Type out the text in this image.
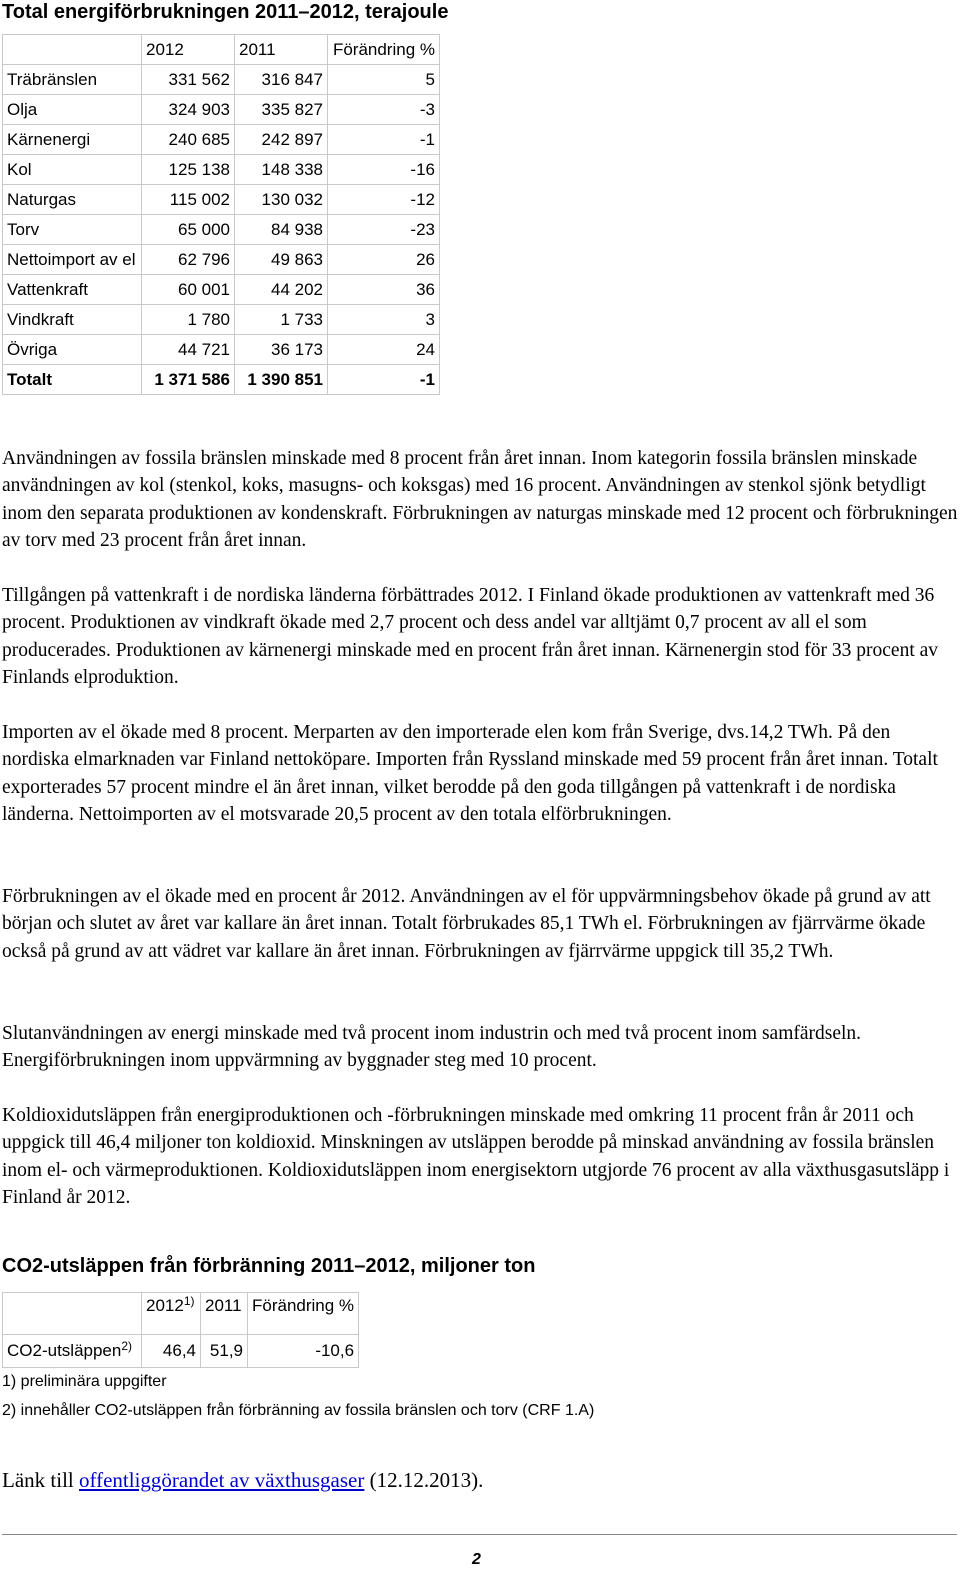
Total energiförbrukningen 2011–2012, terajoule
	2012	2011	Förändring %
Träbränslen	331 562	316 847	5
Olja	324 903	335 827	-3
Kärnenergi	240 685	242 897	-1
Kol	125 138	148 338	-16
Naturgas	115 002	130 032	-12
Torv	65 000	84 938	-23
Nettoimport av el	62 796	49 863	26
Vattenkraft	60 001	44 202	36
Vindkraft	1 780	1 733	3
Övriga	44 721	36 173	24
Totalt	1 371 586	1 390 851	-1

Användningen av fossila bränslen minskade med 8 procent från året innan. Inom kategorin fossila bränslen minskade användningen av kol (stenkol, koks, masugns- och koksgas) med 16 procent. Användningen av stenkol sjönk betydligt inom den separata produktionen av kondenskraft. Förbrukningen av naturgas minskade med 12 procent och förbrukningen av torv med 23 procent från året innan.

Tillgången på vattenkraft i de nordiska länderna förbättrades 2012. I Finland ökade produktionen av vattenkraft med 36 procent. Produktionen av vindkraft ökade med 2,7 procent och dess andel var alltjämt 0,7 procent av all el som producerades. Produktionen av kärnenergi minskade med en procent från året innan. Kärnenergin stod för 33 procent av Finlands elproduktion.

Importen av el ökade med 8 procent. Merparten av den importerade elen kom från Sverige, dvs.14,2 TWh. På den nordiska elmarknaden var Finland nettoköpare. Importen från Ryssland minskade med 59 procent från året innan. Totalt exporterades 57 procent mindre el än året innan, vilket berodde på den goda tillgången på vattenkraft i de nordiska länderna. Nettoimporten av el motsvarade 20,5 procent av den totala elförbrukningen.

Förbrukningen av el ökade med en procent år 2012. Användningen av el för uppvärmningsbehov ökade på grund av att början och slutet av året var kallare än året innan. Totalt förbrukades 85,1 TWh el. Förbrukningen av fjärrvärme ökade också på grund av att vädret var kallare än året innan. Förbrukningen av fjärrvärme uppgick till 35,2 TWh.

Slutanvändningen av energi minskade med två procent inom industrin och med två procent inom samfärdseln. Energiförbrukningen inom uppvärmning av byggnader steg med 10 procent.

Koldioxidutsläppen från energiproduktionen och -förbrukningen minskade med omkring 11 procent från år 2011 och uppgick till 46,4 miljoner ton koldioxid. Minskningen av utsläppen berodde på minskad användning av fossila bränslen inom el- och värmeproduktionen. Koldioxidutsläppen inom energisektorn utgjorde 76 procent av alla växthusgasutsläpp i Finland år 2012.

CO2-utsläppen från förbränning 2011–2012, miljoner ton
	2012$^{1)}$	2011	Förändring %
CO2-utsläppen$^{2)}$	46,4	51,9	-10,6
1) preliminära uppgifter
2) innehåller CO2-utsläppen från förbränning av fossila bränslen och torv (CRF 1.A)
Länk till offentliggörandet av växthusgaser (12.12.2013).
2
